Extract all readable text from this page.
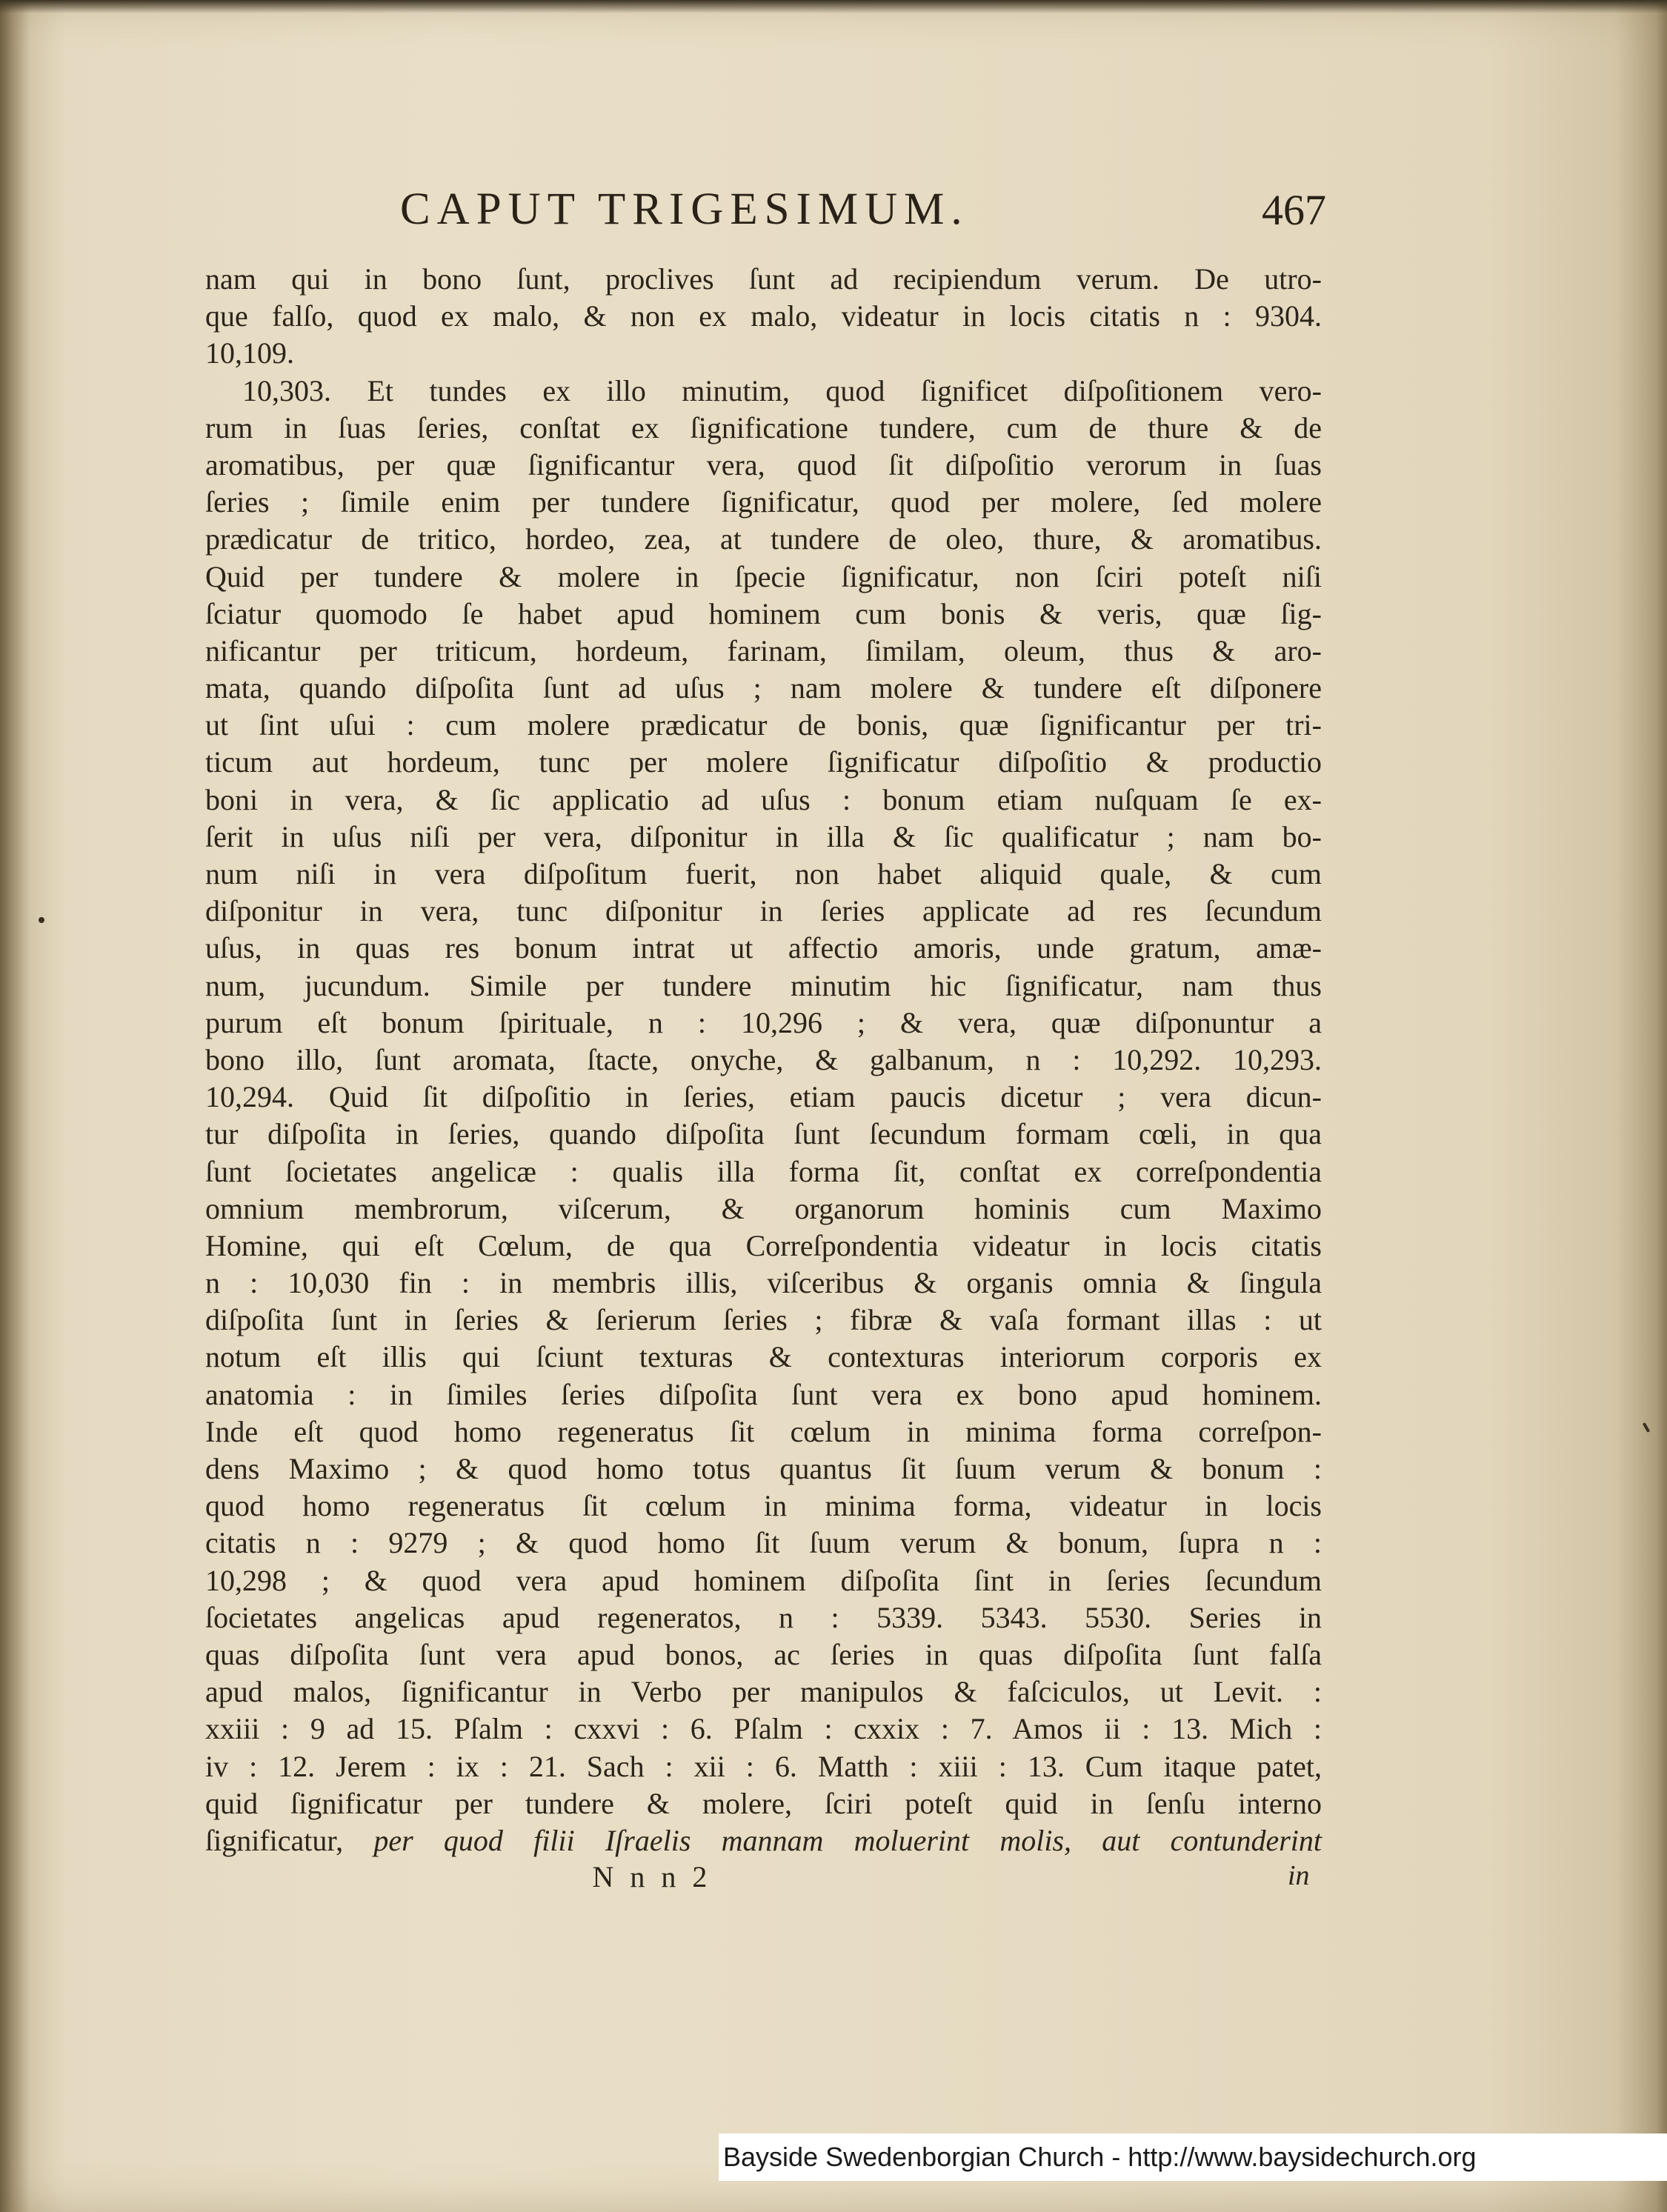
CAPUT TRIGESIMUM.	467
nam qui in bono ſunt, proclives ſunt ad recipiendum verum. De utro-
que falſo, quod ex malo, & non ex malo, videatur in locis citatis n : 9304.
10,109.
10,303. Et tundes ex illo minutim, quod ſignificet diſpoſitionem vero-
rum in ſuas ſeries, conſtat ex ſignificatione tundere, cum de thure & de
aromatibus, per quæ ſignificantur vera, quod ſit diſpoſitio verorum in ſuas
ſeries ; ſimile enim per tundere ſignificatur, quod per molere, ſed molere
prædicatur de tritico, hordeo, zea, at tundere de oleo, thure, & aromatibus.
Quid per tundere & molere in ſpecie ſignificatur, non ſciri poteſt niſi
ſciatur quomodo ſe habet apud hominem cum bonis & veris, quæ ſig-
nificantur per triticum, hordeum, farinam, ſimilam, oleum, thus & aro-
mata, quando diſpoſita ſunt ad uſus ; nam molere & tundere eſt diſponere
ut ſint uſui : cum molere prædicatur de bonis, quæ ſignificantur per tri-
ticum aut hordeum, tunc per molere ſignificatur diſpoſitio & productio
boni in vera, & ſic applicatio ad uſus : bonum etiam nuſquam ſe ex-
ſerit in uſus niſi per vera, diſponitur in illa & ſic qualificatur ; nam bo-
num niſi in vera diſpoſitum fuerit, non habet aliquid quale, & cum
diſponitur in vera, tunc diſponitur in ſeries applicate ad res ſecundum
uſus, in quas res bonum intrat ut affectio amoris, unde gratum, amæ-
num, jucundum. Simile per tundere minutim hic ſignificatur, nam thus
purum eſt bonum ſpirituale, n : 10,296 ; & vera, quæ diſponuntur a
bono illo, ſunt aromata, ſtacte, onyche, & galbanum, n : 10,292. 10,293.
10,294. Quid ſit diſpoſitio in ſeries, etiam paucis dicetur ; vera dicun-
tur diſpoſita in ſeries, quando diſpoſita ſunt ſecundum formam cœli, in qua
ſunt ſocietates angelicæ : qualis illa forma ſit, conſtat ex correſpondentia
omnium membrorum, viſcerum, & organorum hominis cum Maximo
Homine, qui eſt Cœlum, de qua Correſpondentia videatur in locis citatis
n : 10,030 fin : in membris illis, viſceribus & organis omnia & ſingula
diſpoſita ſunt in ſeries & ſerierum ſeries ; fibræ & vaſa formant illas : ut
notum eſt illis qui ſciunt texturas & contexturas interiorum corporis ex
anatomia : in ſimiles ſeries diſpoſita ſunt vera ex bono apud hominem.
Inde eſt quod homo regeneratus ſit cœlum in minima forma correſpon-
dens Maximo ; & quod homo totus quantus ſit ſuum verum & bonum :
quod homo regeneratus ſit cœlum in minima forma, videatur in locis
citatis n : 9279 ; & quod homo ſit ſuum verum & bonum, ſupra n :
10,298 ; & quod vera apud hominem diſpoſita ſint in ſeries ſecundum
ſocietates angelicas apud regeneratos, n : 5339. 5343. 5530. Series in
quas diſpoſita ſunt vera apud bonos, ac ſeries in quas diſpoſita ſunt falſa
apud malos, ſignificantur in Verbo per manipulos & faſciculos, ut Levit. :
xxiii : 9 ad 15. Pſalm : cxxvi : 6. Pſalm : cxxix : 7. Amos ii : 13. Mich :
iv : 12. Jerem : ix : 21. Sach : xii : 6. Matth : xiii : 13. Cum itaque patet,
quid ſignificatur per tundere & molere, ſciri poteſt quid in ſenſu interno
ſignificatur, per quod filii Iſraelis mannam moluerint molis, aut contunderint
N n n 2	in
Bayside Swedenborgian Church - http://www.baysidechurch.org
